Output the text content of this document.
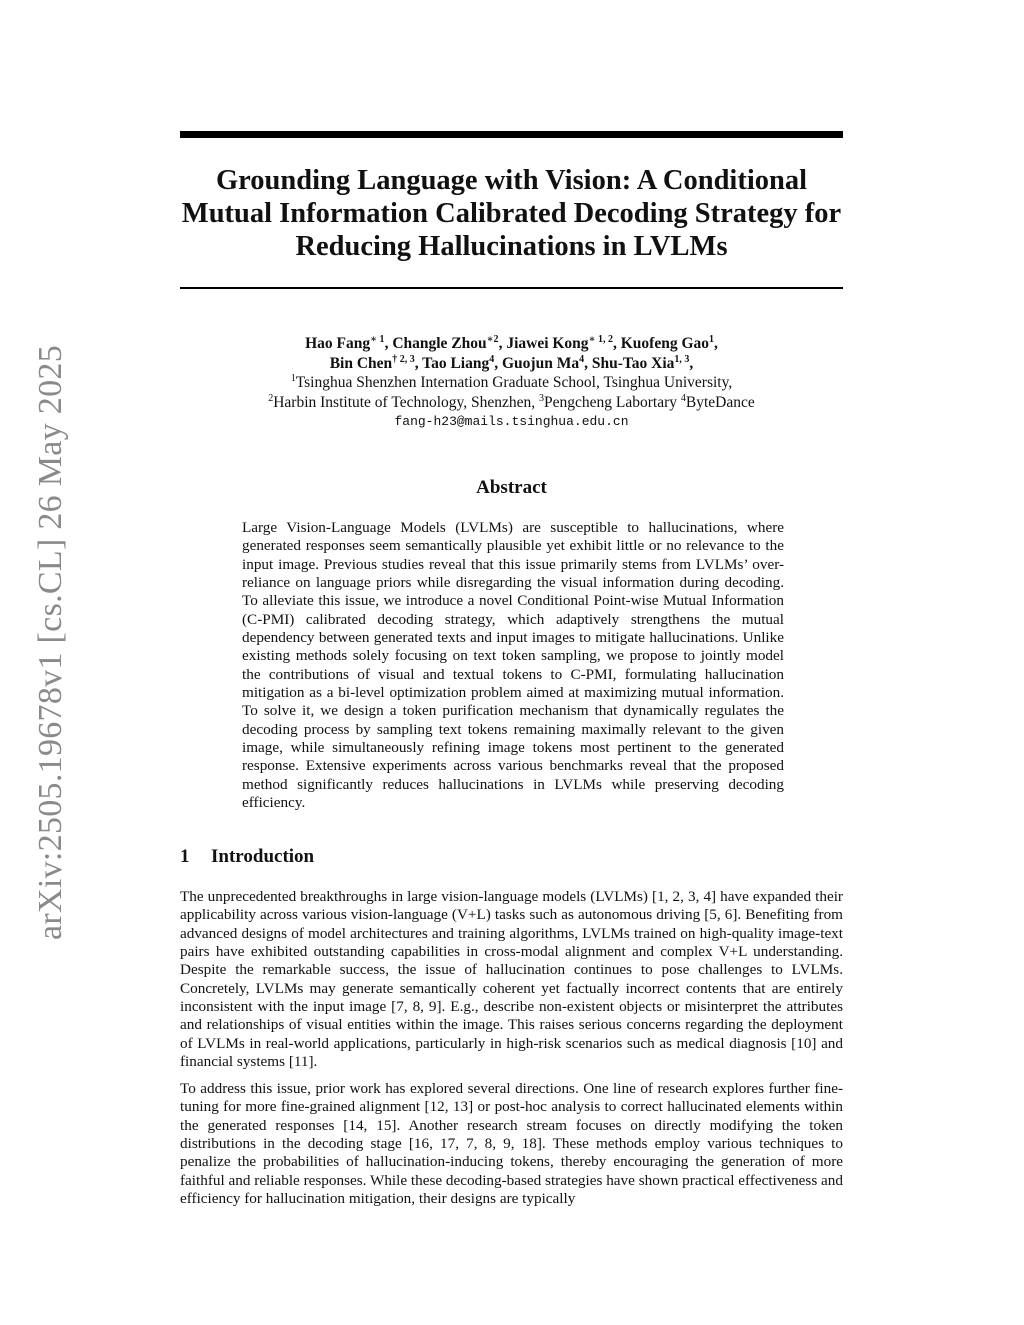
arXiv:2505.19678v1 [cs.CL] 26 May 2025
Grounding Language with Vision: A Conditional
Mutual Information Calibrated Decoding Strategy for
Reducing Hallucinations in LVLMs
Hao Fang$^{∗ 1}$, Changle Zhou$^{∗2}$, Jiawei Kong$^{∗ 1, 2}$, Kuofeng Gao$^1$,
Bin Chen$^{\dagger 2, 3}$, Tao Liang$^4$, Guojun Ma$^4$, Shu-Tao Xia$^{1, 3}$,
$^1$Tsinghua Shenzhen Internation Graduate School, Tsinghua University,
$^2$Harbin Institute of Technology, Shenzhen, $^3$Pengcheng Labortary $^4$ByteDance
fang-h23@mails.tsinghua.edu.cn
Abstract

Large Vision-Language Models (LVLMs) are susceptible to hallucinations, where generated responses seem semantically plausible yet exhibit little or no relevance to the input image. Previous studies reveal that this issue primarily stems from LVLMs’ over-reliance on language priors while disregarding the visual information during decoding. To alleviate this issue, we introduce a novel Conditional Point-wise Mutual Information (C-PMI) calibrated decoding strategy, which adaptively strengthens the mutual dependency between generated texts and input images to mitigate hallucinations. Unlike existing methods solely focusing on text token sampling, we propose to jointly model the contributions of visual and textual tokens to C-PMI, formulating hallucination mitigation as a bi-level optimization problem aimed at maximizing mutual information. To solve it, we design a token purification mechanism that dynamically regulates the decoding process by sampling text tokens remaining maximally relevant to the given image, while simultaneously refining image tokens most pertinent to the generated response. Extensive experiments across various benchmarks reveal that the proposed method significantly reduces hallucinations in LVLMs while preserving decoding efficiency.

1 Introduction

The unprecedented breakthroughs in large vision-language models (LVLMs) [1, 2, 3, 4] have expanded their applicability across various vision-language (V+L) tasks such as autonomous driving [5, 6]. Benefiting from advanced designs of model architectures and training algorithms, LVLMs trained on high-quality image-text pairs have exhibited outstanding capabilities in cross-modal alignment and complex V+L understanding. Despite the remarkable success, the issue of hallucination continues to pose challenges to LVLMs. Concretely, LVLMs may generate semantically coherent yet factually incorrect contents that are entirely inconsistent with the input image [7, 8, 9]. E.g., describe non-existent objects or misinterpret the attributes and relationships of visual entities within the image. This raises serious concerns regarding the deployment of LVLMs in real-world applications, particularly in high-risk scenarios such as medical diagnosis [10] and financial systems [11].

To address this issue, prior work has explored several directions. One line of research explores further fine-tuning for more fine-grained alignment [12, 13] or post-hoc analysis to correct hallucinated elements within the generated responses [14, 15]. Another research stream focuses on directly modifying the token distributions in the decoding stage [16, 17, 7, 8, 9, 18]. These methods employ various techniques to penalize the probabilities of hallucination-inducing tokens, thereby encouraging the generation of more faithful and reliable responses. While these decoding-based strategies have shown practical effectiveness and efficiency for hallucination mitigation, their designs are typically
